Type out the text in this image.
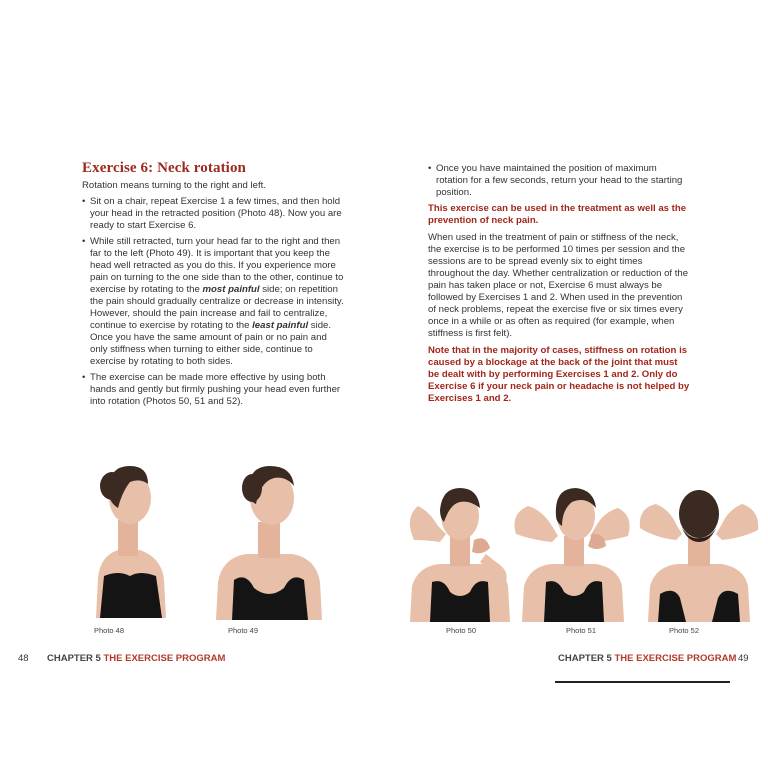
Exercise 6: Neck rotation

Rotation means turning to the right and left.

• Sit on a chair, repeat Exercise 1 a few times, and then hold your head in the retracted position (Photo 48). Now you are ready to start Exercise 6.
• While still retracted, turn your head far to the right and then far to the left (Photo 49). It is important that you keep the head well retracted as you do this. If you experience more pain on turning to the one side than to the other, continue to exercise by rotating to the most painful side; on repetition the pain should gradually centralize or decrease in intensity. However, should the pain increase and fail to centralize, continue to exercise by rotating to the least painful side. Once you have the same amount of pain or no pain and only stiffness when turning to either side, continue to exercise by rotating to both sides.
• The exercise can be made more effective by using both hands and gently but firmly pushing your head even further into rotation (Photos 50, 51 and 52).
• Once you have maintained the position of maximum rotation for a few seconds, return your head to the starting position.

This exercise can be used in the treatment as well as the prevention of neck pain.

When used in the treatment of pain or stiffness of the neck, the exercise is to be performed 10 times per session and the sessions are to be spread evenly six to eight times throughout the day. Whether centralization or reduction of the pain has taken place or not, Exercise 6 must always be followed by Exercises 1 and 2. When used in the prevention of neck problems, repeat the exercise five or six times every once in a while or as often as required (for example, when stiffness is first felt).

Note that in the majority of cases, stiffness on rotation is caused by a blockage at the back of the joint that must be dealt with by performing Exercises 1 and 2. Only do Exercise 6 if your neck pain or headache is not helped by Exercises 1 and 2.

Photo 48	Photo 49	Photo 50	Photo 51	Photo 52
48 CHAPTER 5 THE EXERCISE PROGRAM	CHAPTER 5 THE EXERCISE PROGRAM 49
